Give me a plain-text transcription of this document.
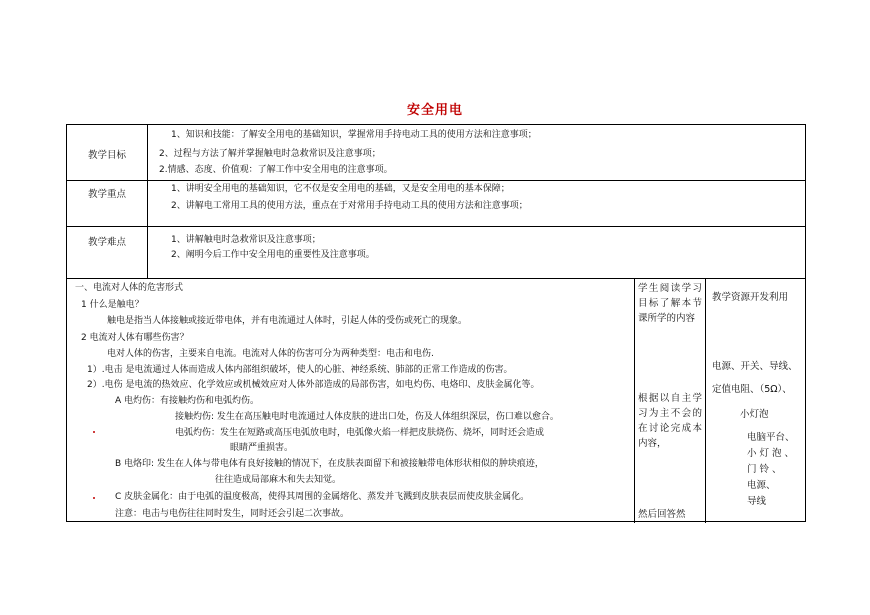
安全用电
教学目标
1、知识和技能：了解安全用电的基础知识，掌握常用手持电动工具的使用方法和注意事项；
2、过程与方法了解并掌握触电时急救常识及注意事项；
2.情感、态度、价值观：了解工作中安全用电的注意事项。
教学重点	1、讲明安全用电的基础知识，它不仅是安全用电的基础，又是安全用电的基本保障；
2、讲解电工常用工具的使用方法，重点在于对常用手持电动工具的使用方法和注意事项；
教学难点	1、讲解触电时急救常识及注意事项；
2、阐明今后工作中安全用电的重要性及注意事项。
一、电流对人体的危害形式
1 什么是触电？
触电是指当人体接触或接近带电体，并有电流通过人体时，引起人体的受伤或死亡的现象。
2 电流对人体有哪些伤害？
电对人体的伤害，主要来自电流。电流对人体的伤害可分为两种类型：电击和电伤.
1）.电击 是电流通过人体而造成人体内部组织破坏，使人的心脏、神经系统、肺部的正常工作造成的伤害。
2）.电伤 是电流的热效应、化学效应或机械效应对人体外部造成的局部伤害，如电灼伤、电烙印、皮肤金属化等。
A 电灼伤：有接触灼伤和电弧灼伤。
接触灼伤: 发生在高压触电时电流通过人体皮肤的进出口处，伤及人体组织深层，伤口难以愈合。
电弧灼伤：发生在短路或高压电弧放电时，电弧像火焰一样把皮肤烧伤、烧坏，同时还会造成
眼睛严重损害。
B 电烙印: 发生在人体与带电体有良好接触的情况下，在皮肤表面留下和被接触带电体形状相似的肿块痕迹，
往往造成局部麻木和失去知觉。
C 皮肤金属化：由于电弧的温度极高，使得其周围的金属熔化、蒸发并飞溅到皮肤表层而使皮肤金属化。
注意：电击与电伤往往同时发生，同时还会引起二次事故。
学生阅读学习目标了解本节课所学的内容
根据以自主学习为主不会的在讨论完成本内容，
然后回答然
教学资源开发利用
电源、开关、导线、
定值电阻、（5Ω）、
小灯泡
电脑平台、
小 灯 泡 、
门 铃 、
电源、
导线
